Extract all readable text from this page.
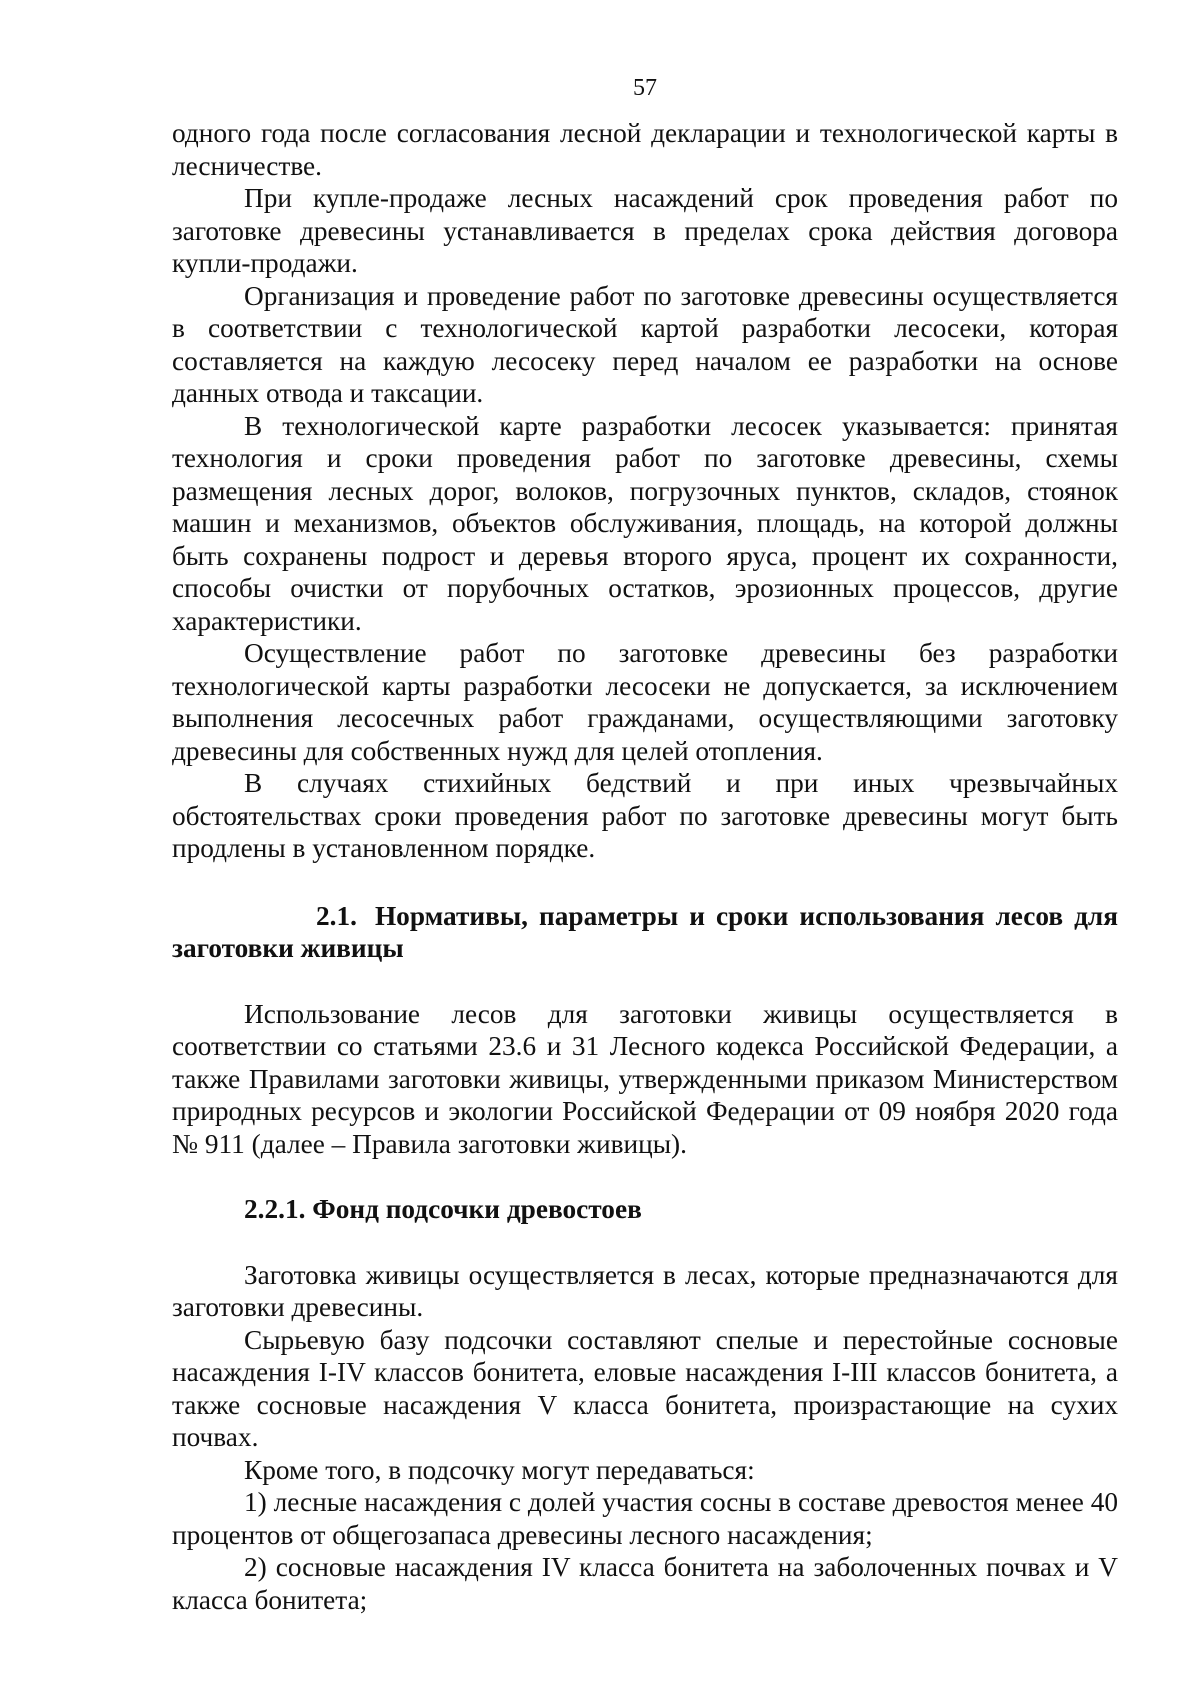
57

одного года после согласования лесной декларации и технологической карты в лесничестве.

При купле-продаже лесных насаждений срок проведения работ по заготовке древесины устанавливается в пределах срока действия договора купли-продажи.

Организация и проведение работ по заготовке древесины осуществляется в соответствии с технологической картой разработки лесосеки, которая составляется на каждую лесосеку перед началом ее разработки на основе данных отвода и таксации.

В технологической карте разработки лесосек указывается: принятая технология и сроки проведения работ по заготовке древесины, схемы размещения лесных дорог, волоков, погрузочных пунктов, складов, стоянок машин и механизмов, объектов обслуживания, площадь, на которой должны быть сохранены подрост и деревья второго яруса, процент их сохранности, способы очистки от порубочных остатков, эрозионных процессов, другие характеристики.

Осуществление работ по заготовке древесины без разработки технологической карты разработки лесосеки не допускается, за исключением выполнения лесосечных работ гражданами, осуществляющими заготовку древесины для собственных нужд для целей отопления.

В случаях стихийных бедствий и при иных чрезвычайных обстоятельствах сроки проведения работ по заготовке древесины могут быть продлены в установленном порядке.

2.1. Нормативы, параметры и сроки использования лесов для заготовки живицы

Использование лесов для заготовки живицы осуществляется в соответствии со статьями 23.6 и 31 Лесного кодекса Российской Федерации, а также Правилами заготовки живицы, утвержденными приказом Министерством природных ресурсов и экологии Российской Федерации от 09 ноября 2020 года № 911 (далее – Правила заготовки живицы).

2.2.1. Фонд подсочки древостоев

Заготовка живицы осуществляется в лесах, которые предназначаются для заготовки древесины.

Сырьевую базу подсочки составляют спелые и перестойные сосновые насаждения I-IV классов бонитета, еловые насаждения I-III классов бонитета, а также сосновые насаждения V класса бонитета, произрастающие на сухих почвах.

Кроме того, в подсочку могут передаваться:

1) лесные насаждения с долей участия сосны в составе древостоя менее 40 процентов от общегозапаса древесины лесного насаждения;

2) сосновые насаждения IV класса бонитета на заболоченных почвах и V класса бонитета;
